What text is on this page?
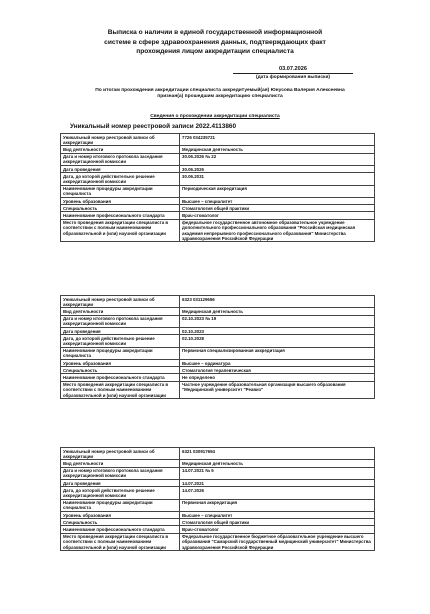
Выписка о наличии в единой государственной информационной
системе в сфере здравоохранения данных, подтверждающих факт
прохождения лицом аккредитации специалиста
03.07.2026
(дата формирования выписки)
По итогам прохождения аккредитации специалиста аккредитуемый(ая) Юнусова Валерия Алексеевна
признан(а) прошедшим аккредитацию специалиста
Сведения о прохождении аккредитации специалиста
Уникальный номер реестровой записи 2022.4113860
Уникальный номер реестровой записи об аккредитации	7726 034235721
Вид деятельности	Медицинская деятельность
Дата и номер итогового протокола заседания аккредитационной комиссии	30.06.2026 № 22
Дата проведения	30.06.2026
Дата, до которой действительно решение аккредитационной комиссии	30.06.2031
Наименование процедуры аккредитации специалиста	Периодическая аккредитация
Уровень образования	Высшее – специалитет
Специальность	Стоматология общей практики
Наименование профессионального стандарта	Врач-стоматолог
Место проведения аккредитации специалиста в соответствии с полным наименованием образовательной и (или) научной организации	федеральное государственное автономное образовательное учреждение дополнительного профессионального образования "Российская медицинская академия непрерывного профессионального образования" Министерства здравоохранения Российской Федерации
Уникальный номер реестровой записи об аккредитации	6323 031129656
Вид деятельности	Медицинская деятельность
Дата и номер итогового протокола заседания аккредитационной комиссии	02.10.2023 № 19
Дата проведения	02.10.2023
Дата, до которой действительно решение аккредитационной комиссии	02.10.2028
Наименование процедуры аккредитации специалиста	Первичная специализированная аккредитация
Уровень образования	Высшее – ординатура
Специальность	Стоматология терапевтическая
Наименование профессионального стандарта	Не определено
Место проведения аккредитации специалиста в соответствии с полным наименованием образовательной и (или) научной организации	Частное учреждение образовательная организация высшего образования "Медицинский университет "Реавиз"
Уникальный номер реестровой записи об аккредитации	6321 030917694
Вид деятельности	Медицинская деятельность
Дата и номер итогового протокола заседания аккредитационной комиссии	14.07.2021 № 5
Дата проведения	14.07.2021
Дата, до которой действительно решение аккредитационной комиссии	14.07.2026
Наименование процедуры аккредитации специалиста	Первичная аккредитация
Уровень образования	Высшее – специалитет
Специальность	Стоматология общей практики
Наименование профессионального стандарта	Врач-стоматолог
Место проведения аккредитации специалиста в соответствии с полным наименованием образовательной и (или) научной организации	Федеральное государственное бюджетное образовательное учреждение высшего образования "Самарский государственный медицинский университет" Министерства здравоохранения Российской Федерации
